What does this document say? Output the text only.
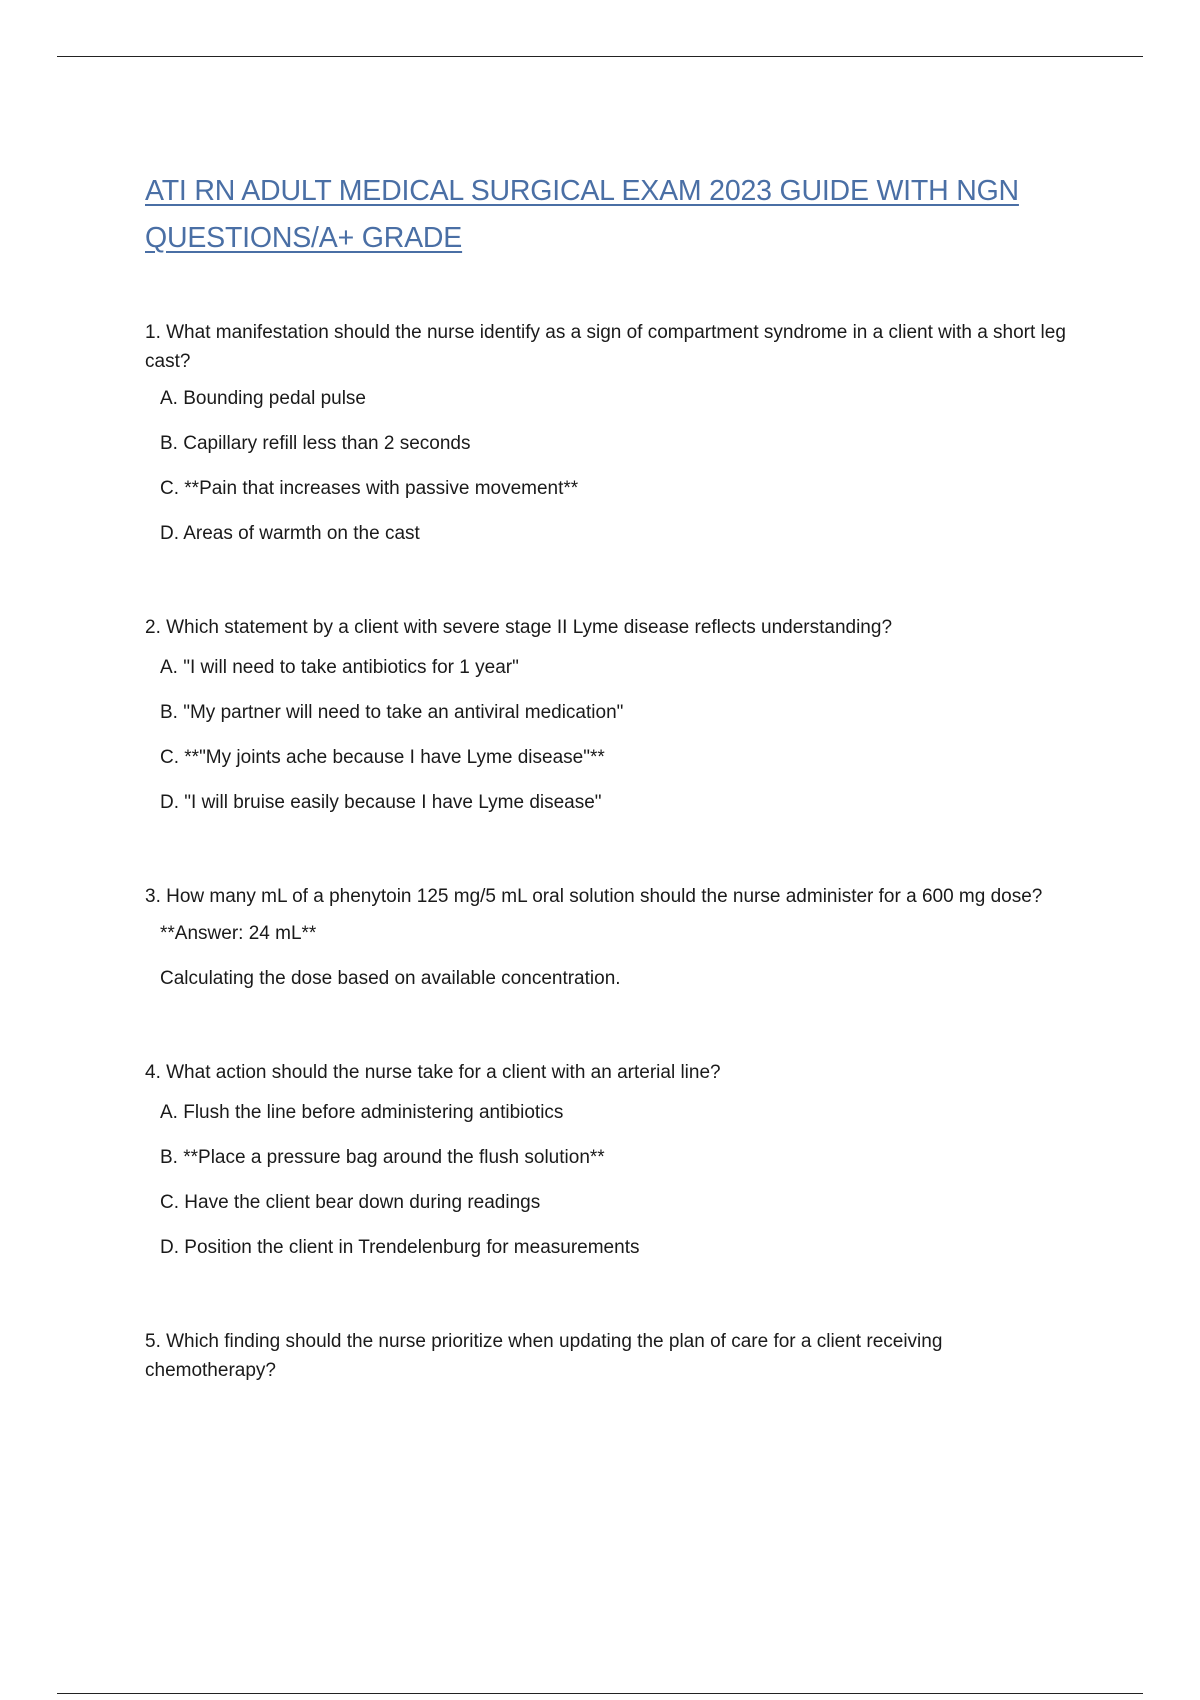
ATI RN ADULT MEDICAL SURGICAL EXAM 2023 GUIDE WITH NGN QUESTIONS/A+ GRADE

1. What manifestation should the nurse identify as a sign of compartment syndrome in a client with a short leg cast?

A. Bounding pedal pulse

B. Capillary refill less than 2 seconds

C. **Pain that increases with passive movement**

D. Areas of warmth on the cast

2. Which statement by a client with severe stage II Lyme disease reflects understanding?

A. "I will need to take antibiotics for 1 year"

B. "My partner will need to take an antiviral medication"

C. **"My joints ache because I have Lyme disease"**

D. "I will bruise easily because I have Lyme disease"

3. How many mL of a phenytoin 125 mg/5 mL oral solution should the nurse administer for a 600 mg dose?

**Answer: 24 mL**

Calculating the dose based on available concentration.

4. What action should the nurse take for a client with an arterial line?

A. Flush the line before administering antibiotics

B. **Place a pressure bag around the flush solution**

C. Have the client bear down during readings

D. Position the client in Trendelenburg for measurements

5. Which finding should the nurse prioritize when updating the plan of care for a client receiving chemotherapy?
